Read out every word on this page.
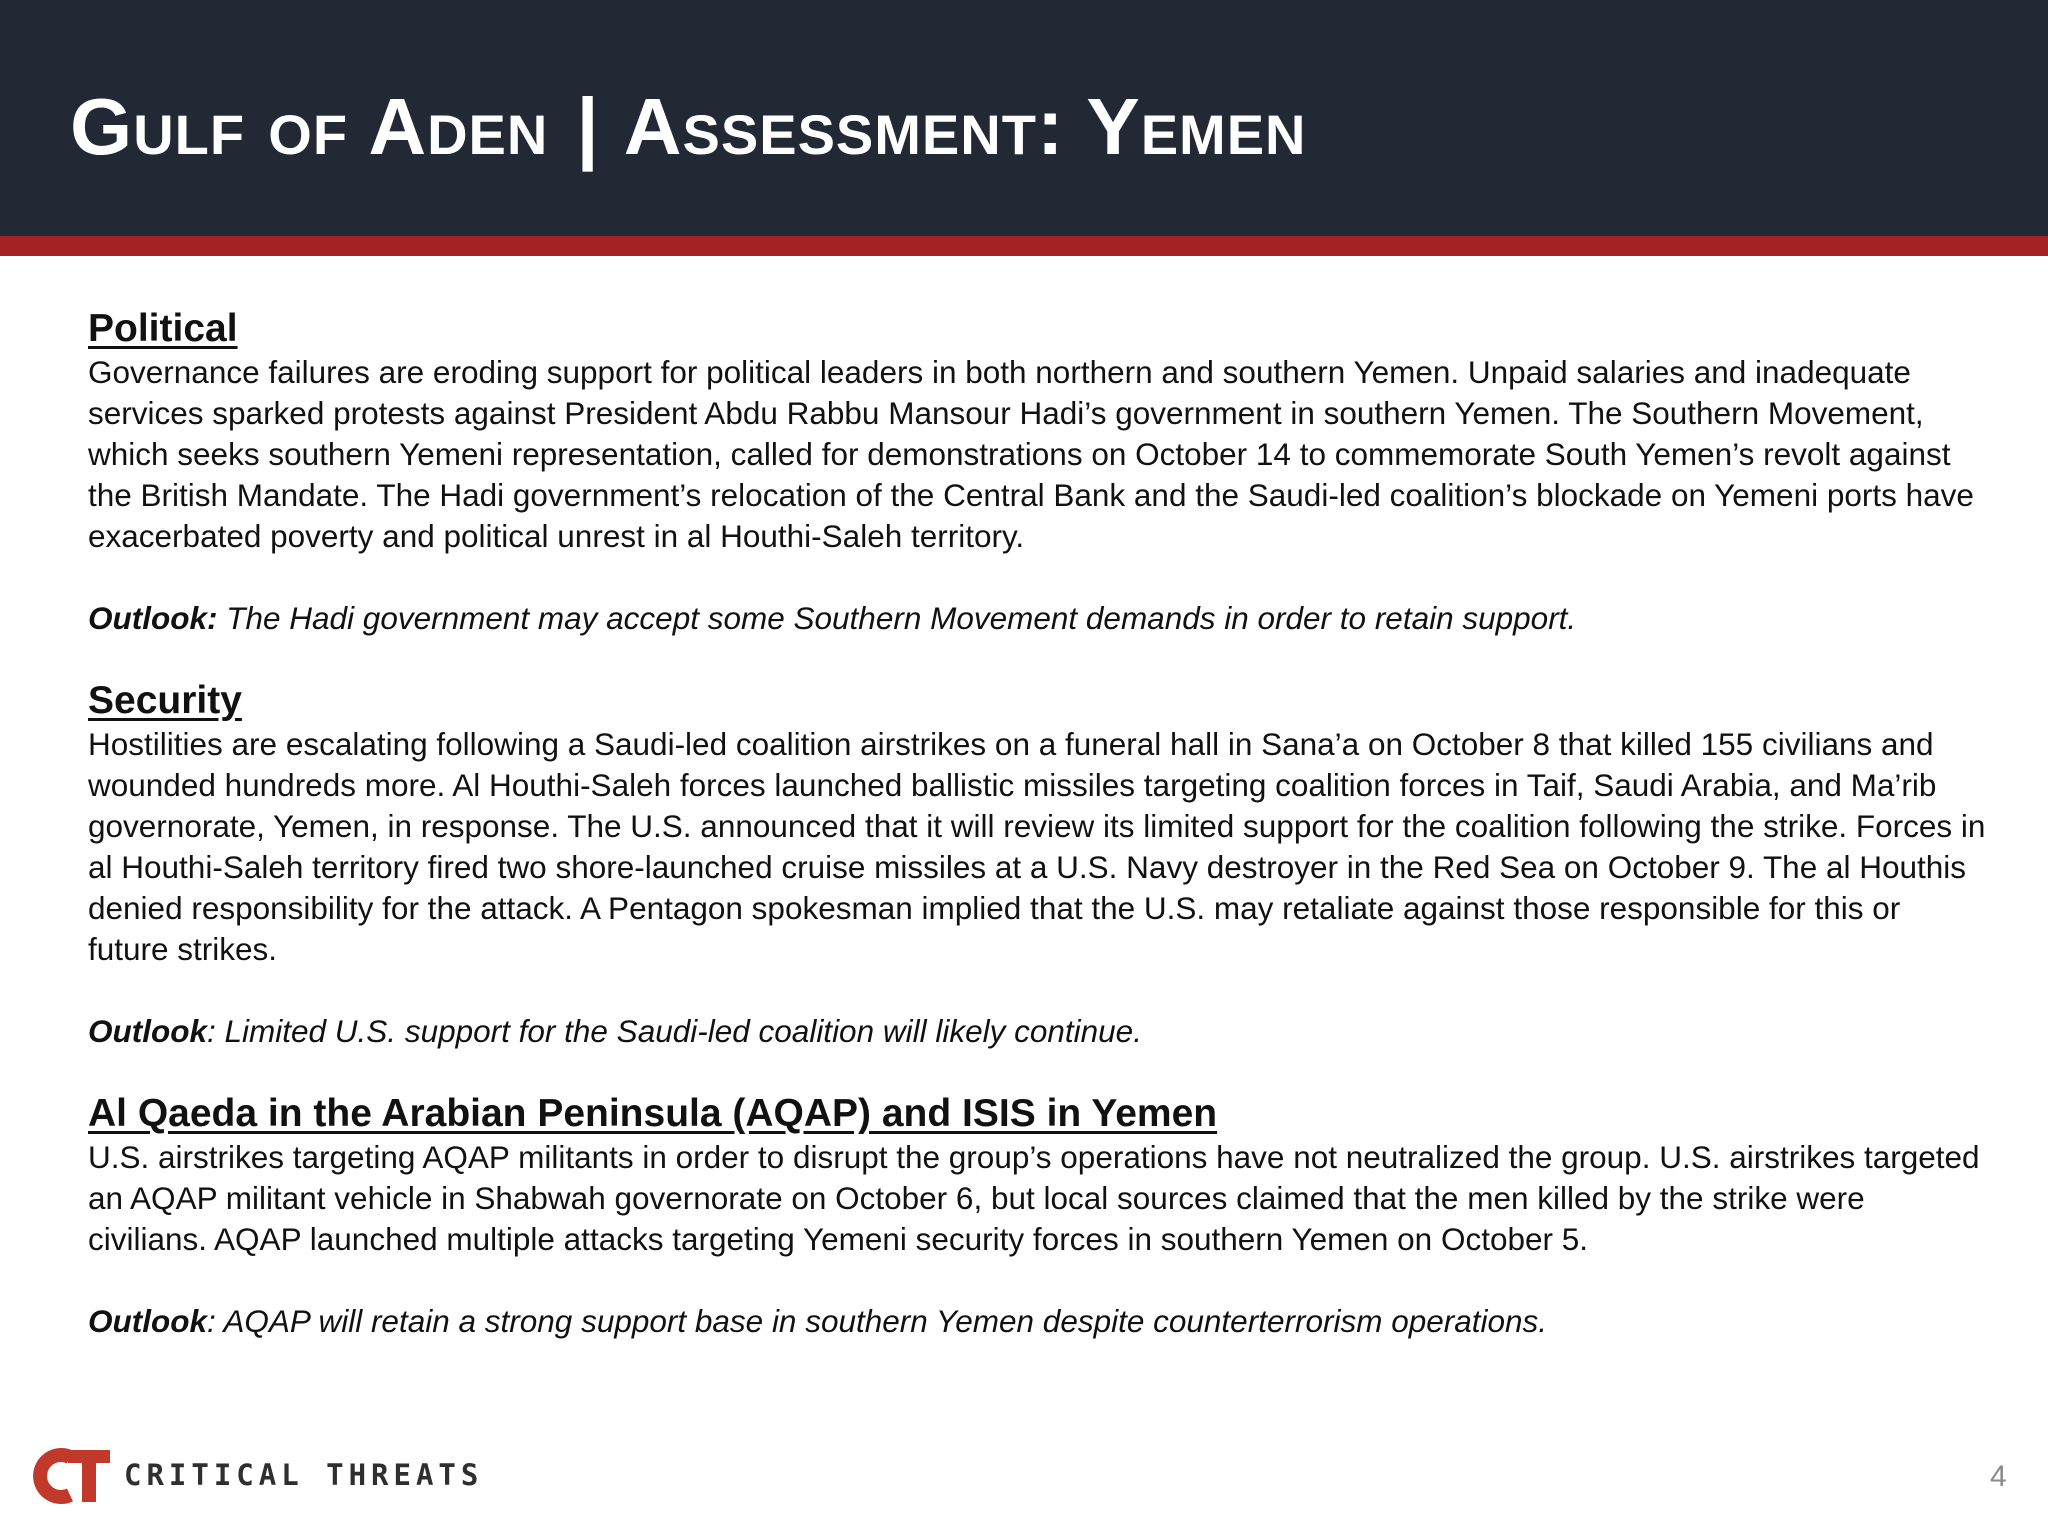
Gulf of Aden | Assessment: Yemen
Political

Governance failures are eroding support for political leaders in both northern and southern Yemen. Unpaid salaries and inadequate services sparked protests against President Abdu Rabbu Mansour Hadi’s government in southern Yemen. The Southern Movement, which seeks southern Yemeni representation, called for demonstrations on October 14 to commemorate South Yemen’s revolt against the British Mandate. The Hadi government’s relocation of the Central Bank and the Saudi-led coalition’s blockade on Yemeni ports have exacerbated poverty and political unrest in al Houthi-Saleh territory.

Outlook: The Hadi government may accept some Southern Movement demands in order to retain support.

Security

Hostilities are escalating following a Saudi-led coalition airstrikes on a funeral hall in Sana’a on October 8 that killed 155 civilians and wounded hundreds more. Al Houthi-Saleh forces launched ballistic missiles targeting coalition forces in Taif, Saudi Arabia, and Ma’rib governorate, Yemen, in response. The U.S. announced that it will review its limited support for the coalition following the strike. Forces in al Houthi-Saleh territory fired two shore-launched cruise missiles at a U.S. Navy destroyer in the Red Sea on October 9. The al Houthis denied responsibility for the attack. A Pentagon spokesman implied that the U.S. may retaliate against those responsible for this or future strikes.

Outlook: Limited U.S. support for the Saudi-led coalition will likely continue.

Al Qaeda in the Arabian Peninsula (AQAP) and ISIS in Yemen

U.S. airstrikes targeting AQAP militants in order to disrupt the group’s operations have not neutralized the group. U.S. airstrikes targeted an AQAP militant vehicle in Shabwah governorate on October 6, but local sources claimed that the men killed by the strike were civilians. AQAP launched multiple attacks targeting Yemeni security forces in southern Yemen on October 5.

Outlook: AQAP will retain a strong support base in southern Yemen despite counterterrorism operations.

CRITICAL THREATS	4
